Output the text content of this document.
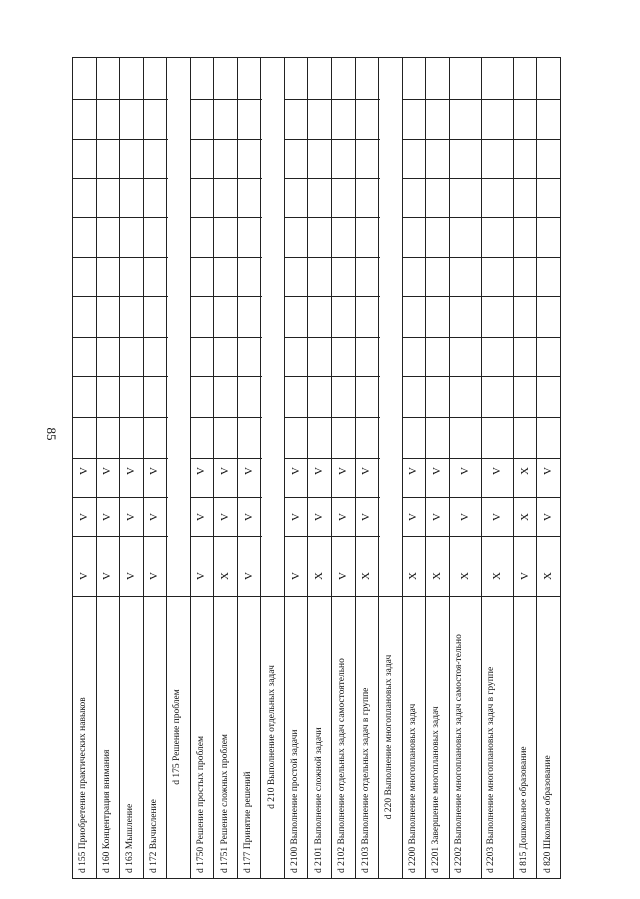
85
d 155 Приобретение практических навыков
V
V
V
d 160 Концентрация внимания
V
V
V
d 163 Мышление
V
V
V
d 172 Вычисление
V
V
V
d 175 Решение проблем d 1750 Решение простых проблем
V
V
V
d 1751 Решение сложных проблем
X
V
V
d 177 Принятие решений
V
V
V
d 210 Выполнение отдельных задач d 2100 Выполнение простой задачи
V
V
V
d 2101 Выполнение сложной задачи
X
V
V
d 2102 Выполнение отдельных задач самостоятельно
V
V
V
d 2103 Выполнение отдельных задач в группе
X
V
V
d 220 Выполнение многоплановых задач d 2200 Выполнение многоплановых задач
X
V
V
d 2201 Завершение многоплановых задач
X
V
V
d 2202 Выполнение многоплановых задач самостоя-тельно
X
V
V
d 2203 Выполнение многоплановых задач в группе
X
V
V
d 815 Дошкольное образование
V
X
X
d 820 Школьное образование
X
V
V
